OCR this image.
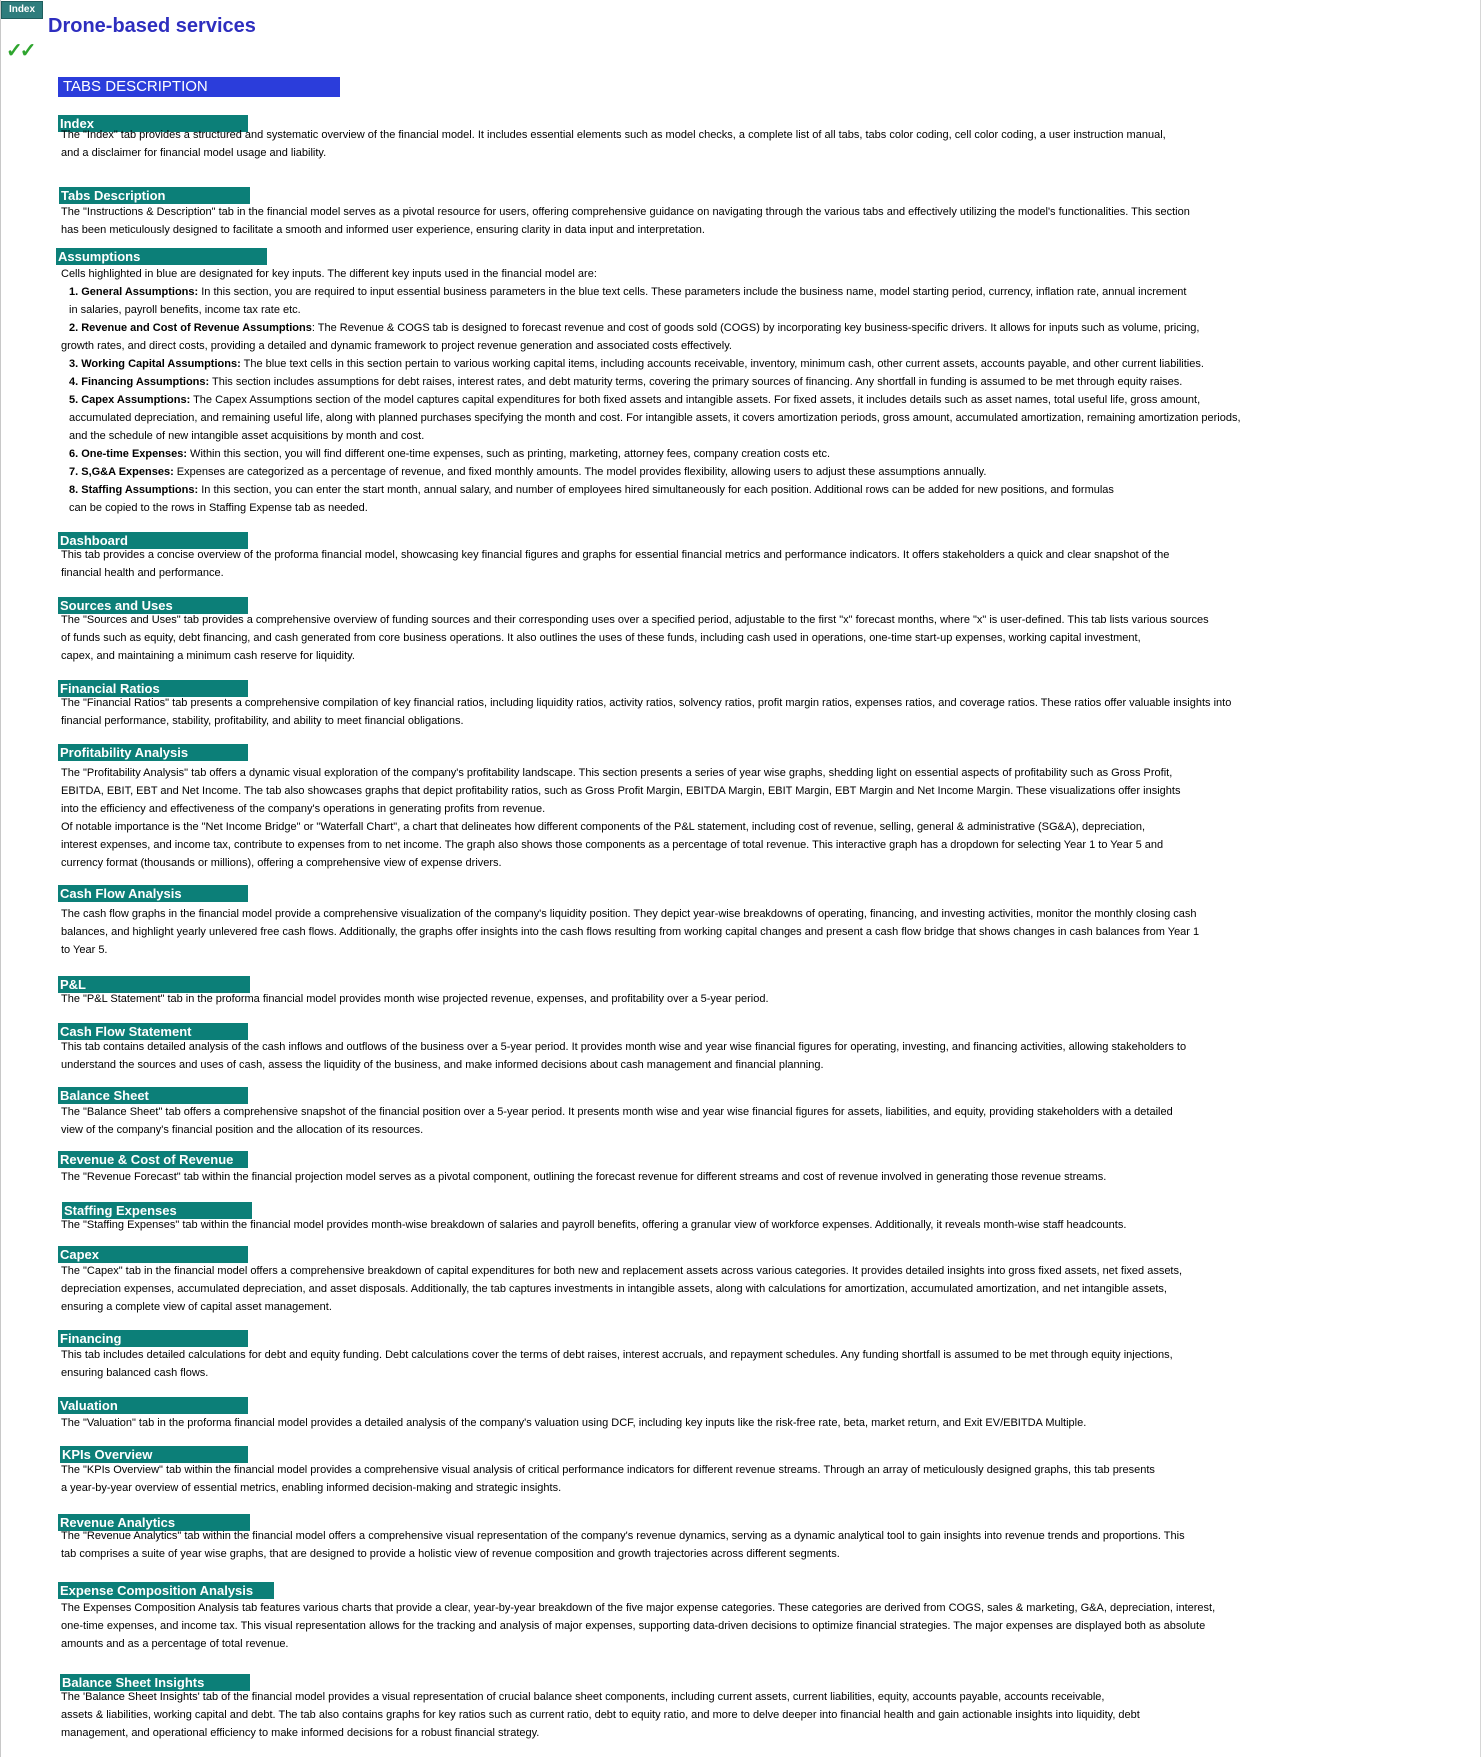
Index
✓✓
Drone-based services
TABS DESCRIPTION
Index
The "Index" tab provides a structured and systematic overview of the financial model. It includes essential elements such as model checks, a complete list of all tabs, tabs color coding, cell color coding, a user instruction manual,
and a disclaimer for financial model usage and liability.
Tabs Description
The "Instructions & Description" tab in the financial model serves as a pivotal resource for users, offering comprehensive guidance on navigating through the various tabs and effectively utilizing the model's functionalities. This section
has been meticulously designed to facilitate a smooth and informed user experience, ensuring clarity in data input and interpretation.
Assumptions
Cells highlighted in blue are designated for key inputs. The different key inputs used in the financial model are:
1. General Assumptions: In this section, you are required to input essential business parameters in the blue text cells. These parameters include the business name, model starting period, currency, inflation rate, annual increment
in salaries, payroll benefits, income tax rate etc.
2. Revenue and Cost of Revenue Assumptions: The Revenue & COGS tab is designed to forecast revenue and cost of goods sold (COGS) by incorporating key business-specific drivers. It allows for inputs such as volume, pricing,
growth rates, and direct costs, providing a detailed and dynamic framework to project revenue generation and associated costs effectively.
3. Working Capital Assumptions: The blue text cells in this section pertain to various working capital items, including accounts receivable, inventory, minimum cash, other current assets, accounts payable, and other current liabilities.
4. Financing Assumptions: This section includes assumptions for debt raises, interest rates, and debt maturity terms, covering the primary sources of financing. Any shortfall in funding is assumed to be met through equity raises.
5. Capex Assumptions: The Capex Assumptions section of the model captures capital expenditures for both fixed assets and intangible assets. For fixed assets, it includes details such as asset names, total useful life, gross amount,
accumulated depreciation, and remaining useful life, along with planned purchases specifying the month and cost. For intangible assets, it covers amortization periods, gross amount, accumulated amortization, remaining amortization periods,
and the schedule of new intangible asset acquisitions by month and cost.
6. One-time Expenses: Within this section, you will find different one-time expenses, such as printing, marketing, attorney fees, company creation costs etc.
7. S,G&A Expenses: Expenses are categorized as a percentage of revenue, and fixed monthly amounts. The model provides flexibility, allowing users to adjust these assumptions annually.
8. Staffing Assumptions: In this section, you can enter the start month, annual salary, and number of employees hired simultaneously for each position. Additional rows can be added for new positions, and formulas
can be copied to the rows in Staffing Expense tab as needed.
Dashboard
This tab provides a concise overview of the proforma financial model, showcasing key financial figures and graphs for essential financial metrics and performance indicators. It offers stakeholders a quick and clear snapshot of the
financial health and performance.
Sources and Uses
The "Sources and Uses" tab provides a comprehensive overview of funding sources and their corresponding uses over a specified period, adjustable to the first "x" forecast months, where "x" is user-defined. This tab lists various sources
of funds such as equity, debt financing, and cash generated from core business operations. It also outlines the uses of these funds, including cash used in operations, one-time start-up expenses, working capital investment,
capex, and maintaining a minimum cash reserve for liquidity.
Financial Ratios
The "Financial Ratios" tab presents a comprehensive compilation of key financial ratios, including liquidity ratios, activity ratios, solvency ratios, profit margin ratios, expenses ratios, and coverage ratios. These ratios offer valuable insights into
financial performance, stability, profitability, and ability to meet financial obligations.
Profitability Analysis
The "Profitability Analysis" tab offers a dynamic visual exploration of the company's profitability landscape. This section presents a series of year wise graphs, shedding light on essential aspects of profitability such as Gross Profit,
EBITDA, EBIT, EBT and Net Income. The tab also showcases graphs that depict profitability ratios, such as Gross Profit Margin, EBITDA Margin, EBIT Margin, EBT Margin and Net Income Margin. These visualizations offer insights
into the efficiency and effectiveness of the company's operations in generating profits from revenue.
Of notable importance is the "Net Income Bridge" or "Waterfall Chart", a chart that delineates how different components of the P&L statement, including cost of revenue, selling, general & administrative (SG&A), depreciation,
interest expenses, and income tax, contribute to expenses from to net income. The graph also shows those components as a percentage of total revenue. This interactive graph has a dropdown for selecting Year 1 to Year 5 and
currency format (thousands or millions), offering a comprehensive view of expense drivers.
Cash Flow Analysis
The cash flow graphs in the financial model provide a comprehensive visualization of the company's liquidity position. They depict year-wise breakdowns of operating, financing, and investing activities, monitor the monthly closing cash
balances, and highlight yearly unlevered free cash flows. Additionally, the graphs offer insights into the cash flows resulting from working capital changes and present a cash flow bridge that shows changes in cash balances from Year 1
to Year 5.
P&L
The "P&L Statement" tab in the proforma financial model provides month wise projected revenue, expenses, and profitability over a 5-year period.
Cash Flow Statement
This tab contains detailed analysis of the cash inflows and outflows of the business over a 5-year period. It provides month wise and year wise financial figures for operating, investing, and financing activities, allowing stakeholders to
understand the sources and uses of cash, assess the liquidity of the business, and make informed decisions about cash management and financial planning.
Balance Sheet
The "Balance Sheet" tab offers a comprehensive snapshot of the financial position over a 5-year period. It presents month wise and year wise financial figures for assets, liabilities, and equity, providing stakeholders with a detailed
view of the company's financial position and the allocation of its resources.
Revenue & Cost of Revenue
The "Revenue Forecast" tab within the financial projection model serves as a pivotal component, outlining the forecast revenue for different streams and cost of revenue involved in generating those revenue streams.
Staffing Expenses
The "Staffing Expenses" tab within the financial model provides month-wise breakdown of salaries and payroll benefits, offering a granular view of workforce expenses. Additionally, it reveals month-wise staff headcounts.
Capex
The "Capex" tab in the financial model offers a comprehensive breakdown of capital expenditures for both new and replacement assets across various categories. It provides detailed insights into gross fixed assets, net fixed assets,
depreciation expenses, accumulated depreciation, and asset disposals. Additionally, the tab captures investments in intangible assets, along with calculations for amortization, accumulated amortization, and net intangible assets,
ensuring a complete view of capital asset management.
Financing
This tab includes detailed calculations for debt and equity funding. Debt calculations cover the terms of debt raises, interest accruals, and repayment schedules. Any funding shortfall is assumed to be met through equity injections,
ensuring balanced cash flows.
Valuation
The "Valuation" tab in the proforma financial model provides a detailed analysis of the company's valuation using DCF, including key inputs like the risk-free rate, beta, market return, and Exit EV/EBITDA Multiple.
KPIs Overview
The "KPIs Overview" tab within the financial model provides a comprehensive visual analysis of critical performance indicators for different revenue streams. Through an array of meticulously designed graphs, this tab presents
a year-by-year overview of essential metrics, enabling informed decision-making and strategic insights.
Revenue Analytics
The "Revenue Analytics" tab within the financial model offers a comprehensive visual representation of the company's revenue dynamics, serving as a dynamic analytical tool to gain insights into revenue trends and proportions. This
tab comprises a suite of year wise graphs, that are designed to provide a holistic view of revenue composition and growth trajectories across different segments.
Expense Composition Analysis
The Expenses Composition Analysis tab features various charts that provide a clear, year-by-year breakdown of the five major expense categories. These categories are derived from COGS, sales & marketing, G&A, depreciation, interest,
one-time expenses, and income tax. This visual representation allows for the tracking and analysis of major expenses, supporting data-driven decisions to optimize financial strategies. The major expenses are displayed both as absolute
amounts and as a percentage of total revenue.
Balance Sheet Insights
The 'Balance Sheet Insights' tab of the financial model provides a visual representation of crucial balance sheet components, including current assets, current liabilities, equity, accounts payable, accounts receivable,
assets & liabilities, working capital and debt. The tab also contains graphs for key ratios such as current ratio, debt to equity ratio, and more to delve deeper into financial health and gain actionable insights into liquidity, debt
management, and operational efficiency to make informed decisions for a robust financial strategy.
